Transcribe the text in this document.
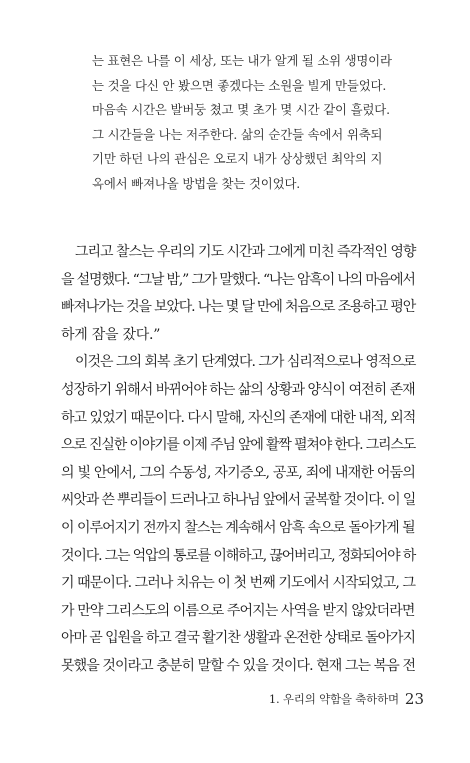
는 표현은 나를 이 세상, 또는 내가 알게 될 소위 생명이라
는 것을 다신 안 봤으면 좋겠다는 소원을 빌게 만들었다.
마음속 시간은 발버둥 쳤고 몇 초가 몇 시간 같이 흘렀다.
그 시간들을 나는 저주한다. 삶의 순간들 속에서 위축되
기만 하던 나의 관심은 오로지 내가 상상했던 최악의 지
옥에서 빠져나올 방법을 찾는 것이었다.
그리고 찰스는 우리의 기도 시간과 그에게 미친 즉각적인 영향
을 설명했다. “그날 밤,” 그가 말했다. “나는 암흑이 나의 마음에서
빠져나가는 것을 보았다. 나는 몇 달 만에 처음으로 조용하고 평안
하게 잠을 잤다.”
이것은 그의 회복 초기 단계였다. 그가 심리적으로나 영적으로
성장하기 위해서 바뀌어야 하는 삶의 상황과 양식이 여전히 존재
하고 있었기 때문이다. 다시 말해, 자신의 존재에 대한 내적, 외적
으로 진실한 이야기를 이제 주님 앞에 활짝 펼쳐야 한다. 그리스도
의 빛 안에서, 그의 수동성, 자기증오, 공포, 죄에 내재한 어둠의
씨앗과 쓴 뿌리들이 드러나고 하나님 앞에서 굴복할 것이다. 이 일
이 이루어지기 전까지 찰스는 계속해서 암흑 속으로 돌아가게 될
것이다. 그는 억압의 통로를 이해하고, 끊어버리고, 정화되어야 하
기 때문이다. 그러나 치유는 이 첫 번째 기도에서 시작되었고, 그
가 만약 그리스도의 이름으로 주어지는 사역을 받지 않았더라면
아마 곧 입원을 하고 결국 활기찬 생활과 온전한 상태로 돌아가지
못했을 것이라고 충분히 말할 수 있을 것이다. 현재 그는 복음 전
1. 우리의 약함을 축하하며 23
